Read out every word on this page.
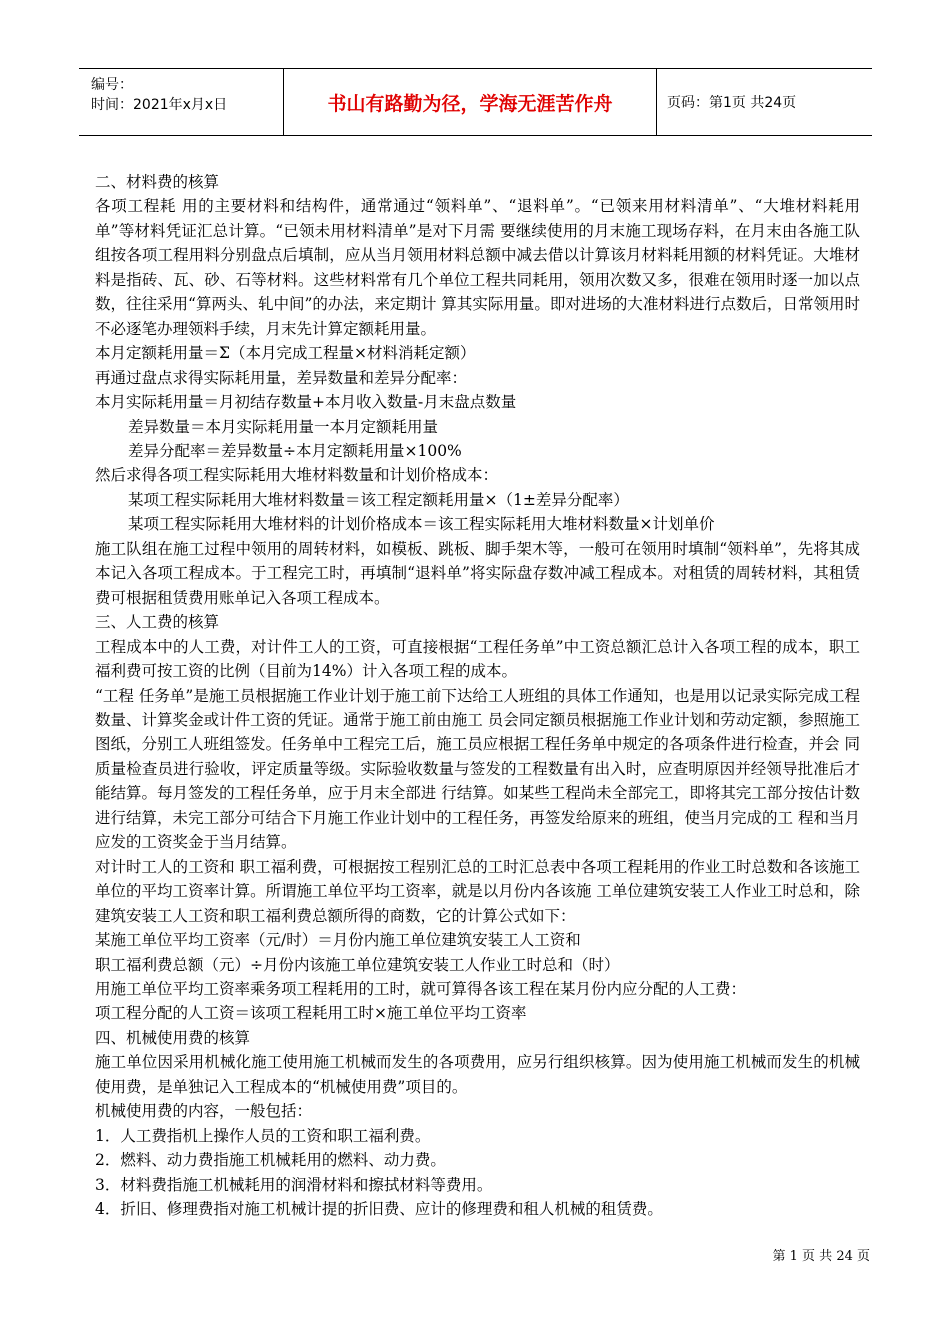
编号：
时间：2021年x月x日	书山有路勤为径，学海无涯苦作舟	页码：第1页 共24页

二、材料费的核算

各项工程耗 用的主要材料和结构件，通常通过“领料单”、“退料单”。“已领来用材料清单”、“大堆材料耗用单”等材料凭证汇总计算。“已领未用材料清单”是对下月需 要继续使用的月末施工现场存料，在月末由各施工队组按各项工程用料分别盘点后填制，应从当月领用材料总额中减去借以计算该月材料耗用额的材料凭证。大堆材 料是指砖、瓦、砂、石等材料。这些材料常有几个单位工程共同耗用，领用次数又多，很难在领用时逐一加以点数，往往采用“算两头、轧中间”的办法，来定期计 算其实际用量。即对进场的大准材料进行点数后，日常领用时不必逐笔办理领料手续，月末先计算定额耗用量。

本月定额耗用量＝Σ（本月完成工程量×材料消耗定额）

再通过盘点求得实际耗用量，差异数量和差异分配率：

本月实际耗用量＝月初结存数量+本月收入数量-月末盘点数量

差异数量＝本月实际耗用量一本月定额耗用量

差异分配率＝差异数量÷本月定额耗用量×100%

然后求得各项工程实际耗用大堆材料数量和计划价格成本：

某项工程实际耗用大堆材料数量＝该工程定额耗用量×（1±差异分配率）

某项工程实际耗用大堆材料的计划价格成本＝该工程实际耗用大堆材料数量×计划单价

施工队组在施工过程中领用的周转材料，如模板、跳板、脚手架木等，一般可在领用时填制“领料单”，先将其成本记入各项工程成本。于工程完工时，再填制“退料单”将实际盘存数冲减工程成本。对租赁的周转材料，其租赁费可根据租赁费用账单记入各项工程成本。

三、人工费的核算

工程成本中的人工费，对计件工人的工资，可直接根据“工程任务单”中工资总额汇总计入各项工程的成本，职工福利费可按工资的比例（目前为14%）计入各项工程的成本。

“工程 任务单”是施工员根据施工作业计划于施工前下达给工人班组的具体工作通知，也是用以记录实际完成工程数量、计算奖金或计件工资的凭证。通常于施工前由施工 员会同定额员根据施工作业计划和劳动定额，参照施工图纸，分别工人班组签发。任务单中工程完工后，施工员应根据工程任务单中规定的各项条件进行检查，并会 同质量检查员进行验收，评定质量等级。实际验收数量与签发的工程数量有出入时，应查明原因并经领导批准后才能结算。每月签发的工程任务单，应于月末全部进 行结算。如某些工程尚未全部完工，即将其完工部分按估计数进行结算，未完工部分可结合下月施工作业计划中的工程任务，再签发给原来的班组，使当月完成的工 程和当月应发的工资奖金于当月结算。

对计时工人的工资和 职工福利费，可根据按工程别汇总的工时汇总表中各项工程耗用的作业工时总数和各该施工单位的平均工资率计算。所谓施工单位平均工资率，就是以月份内各该施 工单位建筑安装工人作业工时总和，除建筑安装工人工资和职工福利费总额所得的商数，它的计算公式如下：

某施工单位平均工资率（元/时）＝月份内施工单位建筑安装工人工资和

职工福利费总额（元）÷月份内该施工单位建筑安装工人作业工时总和（时）

用施工单位平均工资率乘务项工程耗用的工时，就可算得各该工程在某月份内应分配的人工费：

项工程分配的人工资＝该项工程耗用工时×施工单位平均工资率

四、机械使用费的核算

施工单位因采用机械化施工使用施工机械而发生的各项费用，应另行组织核算。因为使用施工机械而发生的机械使用费，是单独记入工程成本的“机械使用费”项目的。

机械使用费的内容，一般包括：

1．人工费指机上操作人员的工资和职工福利费。

2．燃料、动力费指施工机械耗用的燃料、动力费。

3．材料费指施工机械耗用的润滑材料和擦拭材料等费用。

4．折旧、修理费指对施工机械计提的折旧费、应计的修理费和租人机械的租赁费。

第 1 页 共 24 页
